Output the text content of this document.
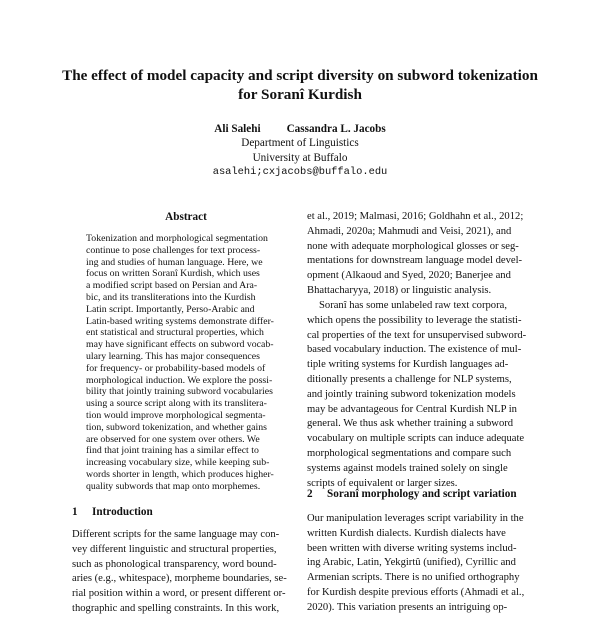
The effect of model capacity and script diversity on subword tokenization
for Soranî Kurdish
Ali Salehi Cassandra L. Jacobs
Department of Linguistics
University at Buffalo
asalehi;cxjacobs@buffalo.edu
Abstract
Tokenization and morphological segmentation
continue to pose challenges for text process-
ing and studies of human language. Here, we
focus on written Soranî Kurdish, which uses
a modified script based on Persian and Ara-
bic, and its transliterations into the Kurdish
Latin script. Importantly, Perso-Arabic and
Latin-based writing systems demonstrate differ-
ent statistical and structural properties, which
may have significant effects on subword vocab-
ulary learning. This has major consequences
for frequency- or probability-based models of
morphological induction. We explore the possi-
bility that jointly training subword vocabularies
using a source script along with its translitera-
tion would improve morphological segmenta-
tion, subword tokenization, and whether gains
are observed for one system over others. We
find that joint training has a similar effect to
increasing vocabulary size, while keeping sub-
words shorter in length, which produces higher-
quality subwords that map onto morphemes.
1 Introduction
Different scripts for the same language may con-
vey different linguistic and structural properties,
such as phonological transparency, word bound-
aries (e.g., whitespace), morpheme boundaries, se-
rial position within a word, or present different or-
thographic and spelling constraints. In this work,
et al., 2019; Malmasi, 2016; Goldhahn et al., 2012;
Ahmadi, 2020a; Mahmudi and Veisi, 2021), and
none with adequate morphological glosses or seg-
mentations for downstream language model devel-
opment (Alkaoud and Syed, 2020; Banerjee and
Bhattacharyya, 2018) or linguistic analysis.
Soranî has some unlabeled raw text corpora,
which opens the possibility to leverage the statisti-
cal properties of the text for unsupervised subword-
based vocabulary induction. The existence of mul-
tiple writing systems for Kurdish languages ad-
ditionally presents a challenge for NLP systems,
and jointly training subword tokenization models
may be advantageous for Central Kurdish NLP in
general. We thus ask whether training a subword
vocabulary on multiple scripts can induce adequate
morphological segmentations and compare such
systems against models trained solely on single
scripts of equivalent or larger sizes.
2 Soranî morphology and script variation
Our manipulation leverages script variability in the
written Kurdish dialects. Kurdish dialects have
been written with diverse writing systems includ-
ing Arabic, Latin, Yekgirtû (unified), Cyrillic and
Armenian scripts. There is no unified orthography
for Kurdish despite previous efforts (Ahmadi et al.,
2020). This variation presents an intriguing op-
